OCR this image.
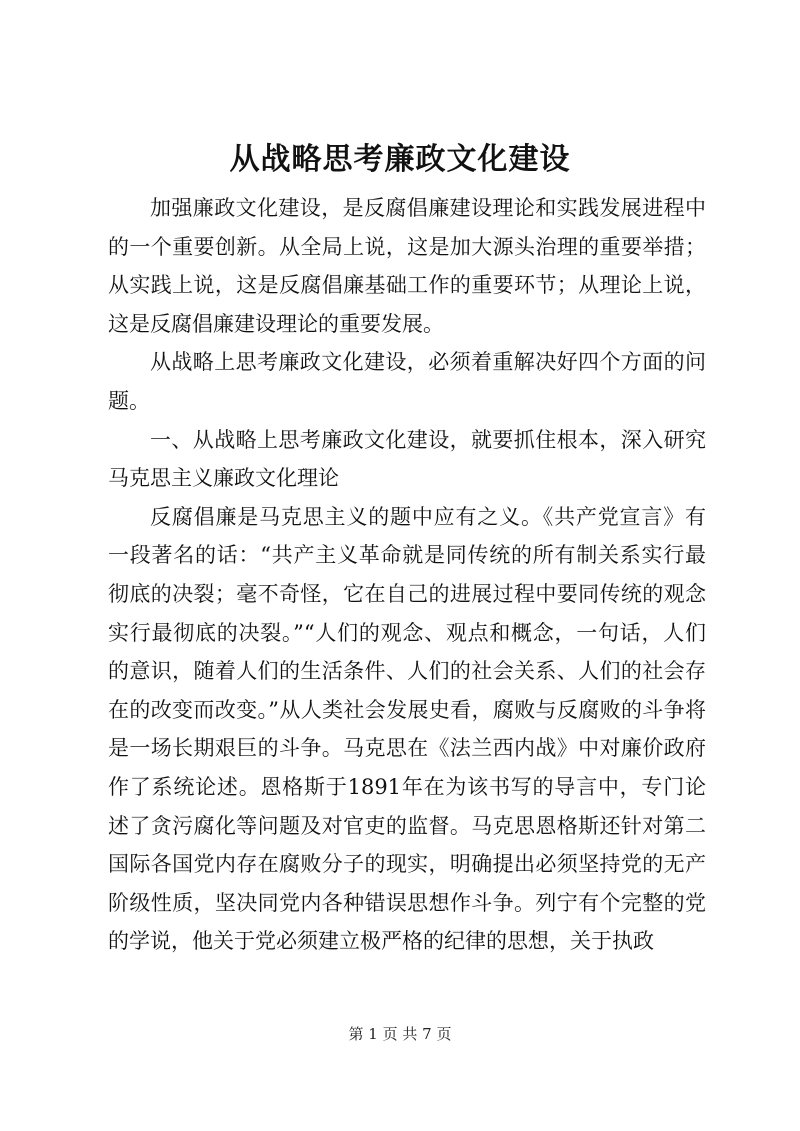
从战略思考廉政文化建设

加强廉政文化建设，是反腐倡廉建设理论和实践发展进程中的一个重要创新。从全局上说，这是加大源头治理的重要举措；从实践上说，这是反腐倡廉基础工作的重要环节；从理论上说，这是反腐倡廉建设理论的重要发展。

从战略上思考廉政文化建设，必须着重解决好四个方面的问题。

一、从战略上思考廉政文化建设，就要抓住根本，深入研究马克思主义廉政文化理论

反腐倡廉是马克思主义的题中应有之义。《共产党宣言》有一段著名的话：“共产主义革命就是同传统的所有制关系实行最彻底的决裂；毫不奇怪，它在自己的进展过程中要同传统的观念实行最彻底的决裂。”“人们的观念、观点和概念，一句话，人们的意识，随着人们的生活条件、人们的社会关系、人们的社会存在的改变而改变。”从人类社会发展史看，腐败与反腐败的斗争将是一场长期艰巨的斗争。马克思在《法兰西内战》中对廉价政府作了系统论述。恩格斯于1891年在为该书写的导言中，专门论述了贪污腐化等问题及对官吏的监督。马克思恩格斯还针对第二国际各国党内存在腐败分子的现实，明确提出必须坚持党的无产阶级性质，坚决同党内各种错误思想作斗争。列宁有个完整的党的学说，他关于党必须建立极严格的纪律的思想，关于执政

第 1 页 共 7 页
